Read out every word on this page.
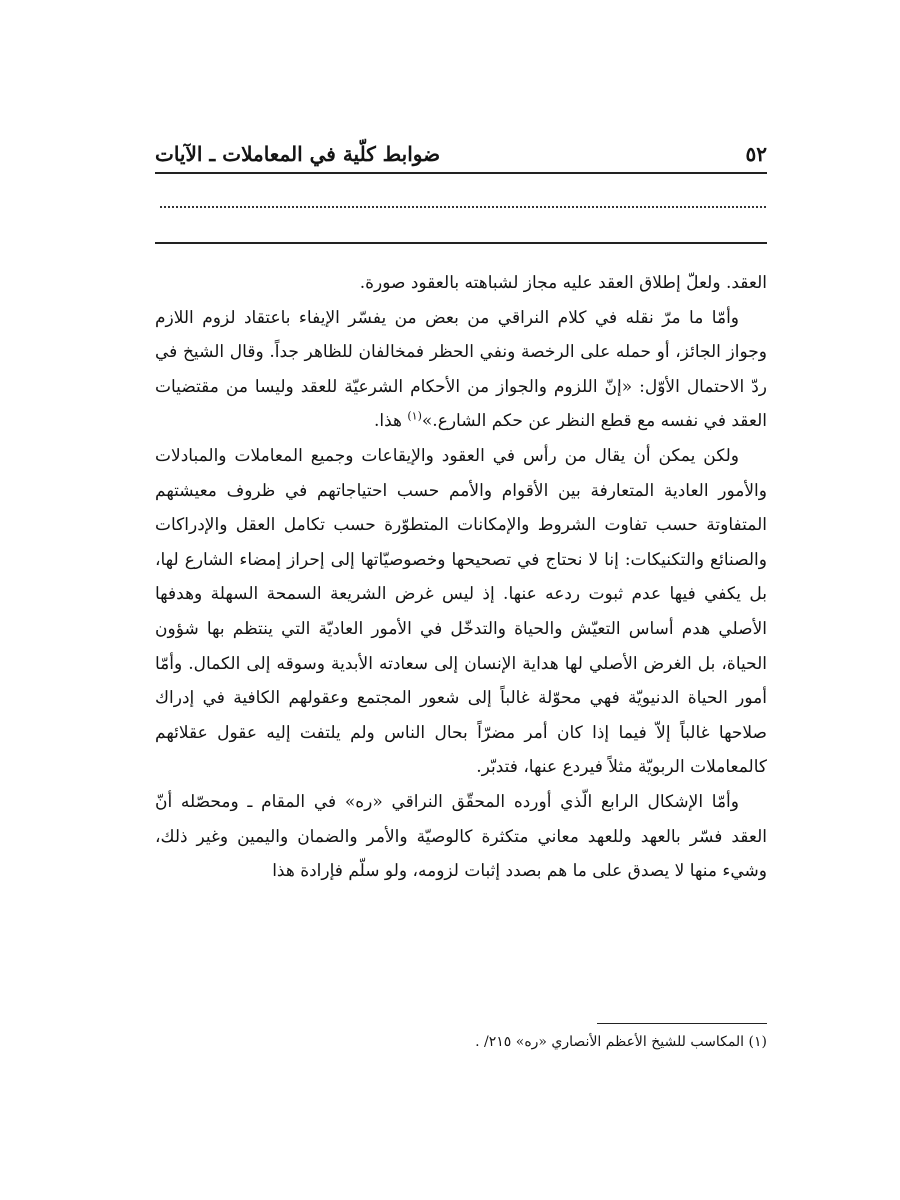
٥٢
ضوابط كلّية في المعاملات ـ الآيات

العقد. ولعلّ إطلاق العقد عليه مجاز لشباهته بالعقود صورة.

وأمّا ما مرّ نقله في كلام النراقي من بعض من يفسّر الإيفاء باعتقاد لزوم اللازم وجواز الجائز، أو حمله على الرخصة ونفي الحظر فمخالفان للظاهر جداً. وقال الشيخ في ردّ الاحتمال الأوّل: «إنّ اللزوم والجواز من الأحكام الشرعيّة للعقد وليسا من مقتضيات العقد في نفسه مع قطع النظر عن حكم الشارع.»$^{(١)}$ هذا.

ولكن يمكن أن يقال من رأس في العقود والإيقاعات وجميع المعاملات والمبادلات والأمور العادية المتعارفة بين الأقوام والأمم حسب احتياجاتهم في ظروف معيشتهم المتفاوتة حسب تفاوت الشروط والإمكانات المتطوّرة حسب تكامل العقل والإدراكات والصنائع والتكنيكات: إنا لا نحتاج في تصحيحها وخصوصيّاتها إلى إحراز إمضاء الشارع لها، بل يكفي فيها عدم ثبوت ردعه عنها. إذ ليس غرض الشريعة السمحة السهلة وهدفها الأصلي هدم أساس التعيّش والحياة والتدخّل في الأمور العاديّة التي ينتظم بها شؤون الحياة، بل الغرض الأصلي لها هداية الإنسان إلى سعادته الأبدية وسوقه إلى الكمال. وأمّا أمور الحياة الدنيويّة فهي محوّلة غالباً إلى شعور المجتمع وعقولهم الكافية في إدراك صلاحها غالباً إلاّ فيما إذا كان أمر مضرّاً بحال الناس ولم يلتفت إليه عقول عقلائهم كالمعاملات الربويّة مثلاً فيردع عنها، فتدبّر.

وأمّا الإشكال الرابع الّذي أورده المحقّق النراقي «ره» في المقام ـ ومحصّله أنّ العقد فسّر بالعهد وللعهد معاني متكثرة كالوصيّة والأمر والضمان واليمين وغير ذلك، وشيء منها لا يصدق على ما هم بصدد إثبات لزومه، ولو سلّم فإرادة هذا

(١) المكاسب للشيخ الأعظم الأنصاري «ره» ٢١٥/ .
